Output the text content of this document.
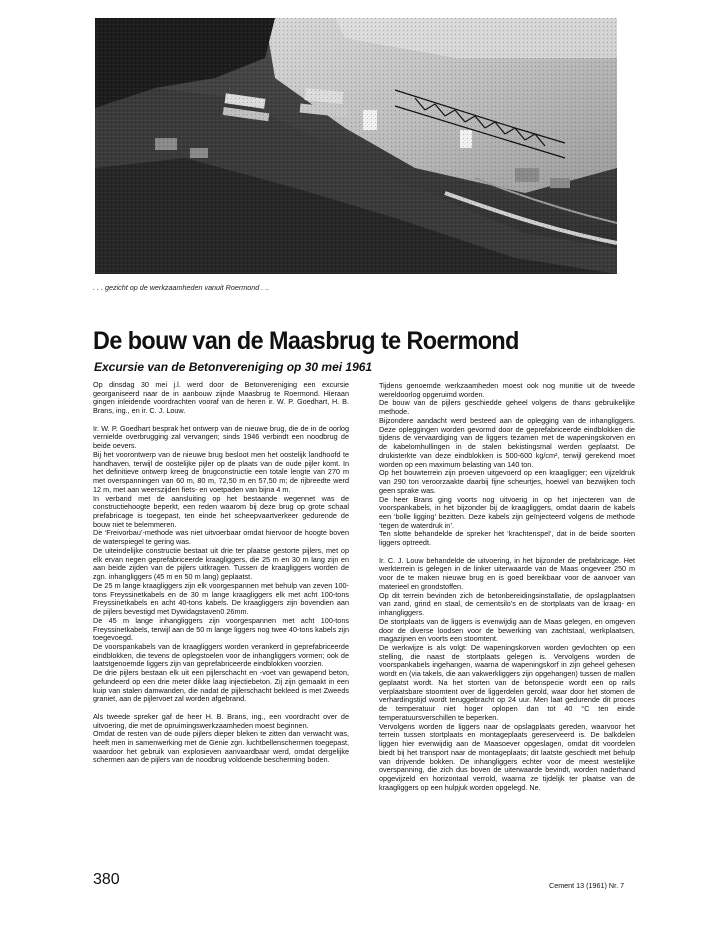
. . . gezicht op de werkzaamheden vanuit Roermond . ..
De bouw van de Maasbrug te Roermond
Excursie van de Betonvereniging op 30 mei 1961

Op dinsdag 30 mei j.l. werd door de Betonvereniging een excursie georganiseerd naar de in aanbouw zijnde Maasbrug te Roermond. Hieraan gingen inleidende voordrachten vooraf van de heren ir. W. P. Goedhart, H. B. Brans, ing., en ir. C. J. Louw.

Ir. W. P. Goedhart besprak het ontwerp van de nieuwe brug, die de in de oorlog vernielde overbrugging zal vervangen; sinds 1946 verbindt een noodbrug de beide oevers.

Bij het voorontwerp van de nieuwe brug besloot men het oostelijk landhoofd te handhaven, terwijl de oostelijke pijler op de plaats van de oude pijler komt. In het definitieve ontwerp kreeg de brugconstructie een totale lengte van 270 m met overspanningen van 60 m, 80 m, 72,50 m en 57,50 m; de rijbreedte werd 12 m, met aan weerszijden fiets- en voetpaden van bijna 4 m.

In verband met de aansluiting op het bestaande wegennet was de constructiehoogte beperkt, een reden waarom bij deze brug op grote schaal prefabricage is toegepast, ten einde het scheepvaartverkeer gedurende de bouw niet te belemmeren.

De ‘Freivorbau’-methode was niet uitvoerbaar omdat hiervoor de hoogte boven de waterspiegel te gering was.

De uiteindelijke constructie bestaat uit drie ter plaatse gestorte pijlers, met op elk ervan negen geprefabriceerde kraagliggers, die 25 m en 30 m lang zijn en aan beide zijden van de pijlers uitkragen. Tussen de kraagliggers worden de zgn. inhangliggers (45 m en 50 m lang) geplaatst.

De 25 m lange kraagliggers zijn elk voorgespannen met behulp van zeven 100-tons Freyssinetkabels en de 30 m lange kraagliggers elk met acht 100-tons Freyssinetkabels en acht 40-tons kabels. De kraagliggers zijn bovendien aan de pijlers bevestigd met Dywidagstaven0 26mm.

De 45 m lange inhangliggers zijn voorgespannen met acht 100-tons Freyssinetkabels, terwijl aan de 50 m lange liggers nog twee 40-tons kabels zijn toegevoegd.

De voorspankabels van de kraagliggers worden verankerd in geprefabriceerde eindblokken, die tevens de oplegstoelen voor de inhangliggers vormen; ook de laatstgenoemde liggers zijn van geprefabriceerde eindblokken voorzien.

De drie pijlers bestaan elk uit een pijlerschacht en -voet van gewapend beton, gefundeerd op een drie meter dikke laag injectiebeton. Zij zijn gemaakt in een kuip van stalen damwanden, die nadat de pijlerschacht bekleed is met Zweeds graniet, aan de pijlervoet zal worden afgebrand.

Als tweede spreker gaf de heer H. B. Brans, ing., een voordracht over de uitvoering, die met de opruimingswerkzaamheden moest beginnen.

Omdat de resten van de oude pijlers dieper bleken te zitten dan verwacht was, heeft men in samenwerking met de Genie zgn. luchtbellenschermen toegepast, waardoor het gebruik van explosieven aanvaardbaar werd, omdat dergelijke schermen aan de pijlers van de noodbrug voldoende bescherming boden.

Tijdens genoemde werkzaamheden moest ook nog munitie uit de tweede wereldoorlog opgeruimd worden.

De bouw van de pijlers geschiedde geheel volgens de thans gebruikelijke methode.

Bijzondere aandacht werd besteed aan de oplegging van de inhangliggers. Deze opleggingen worden gevormd door de geprefabriceerde eindblokken die tijdens de vervaardiging van de liggers tezamen met de wapeningskorven en de kabelomhullingen in de stalen bekistingsmal werden geplaatst. De drukisterkte van deze eindblokken is 500-600 kg/cm², terwijl gerekend moet worden op een maximum belasting van 140 ton.

Op het bouwterrein zijn proeven uitgevoerd op een kraagligger; een vijzeldruk van 290 ton veroorzaakte daarbij fijne scheurtjes, hoewel van bezwijken toch geen sprake was.

De heer Brans ging voorts nog uitvoerig in op het injecteren van de voorspankabels, in het bijzonder bij de kraagliggers, omdat daarin de kabels een ‘bolle ligging’ bezitten. Deze kabels zijn geïnjecteerd volgens de methode ‘tegen de waterdruk in’.

Ten slotte behandelde de spreker het ‘krachtenspel’, dat in de beide soorten liggers optreedt.

Ir. C. J. Louw behandelde de uitvoering, in het bijzonder de prefabricage. Het werkterrein is gelegen in de linker uiterwaarde van de Maas ongeveer 250 m voor de te maken nieuwe brug en is goed bereikbaar voor de aanvoer van materieel en grondstoffen.

Op dit terrein bevinden zich de betonbereidingsinstallatie, de opslagplaatsen van zand, grind en staal, de cementsilo's en de stortplaats van de kraag- en inhangliggers.

De stortplaats van de liggers is evenwijdig aan de Maas gelegen, en omgeven door de diverse loodsen voor de bewerking van zachtstaal, werkplaatsen, magazijnen en voorts een stoomtent.

De werkwijze is als volgt: De wapeningskorven worden gevlochten op een stelling, die naast de stortplaats gelegen is. Vervolgens worden de voorspankabels ingehangen, waarna de wapeningskorf in zijn geheel gehesen wordt en (via takels, die aan vakwerkliggers zijn opgehangen) tussen de mallen geplaatst wordt. Na het storten van de betonspecie wordt een op rails verplaatsbare stoomtent over de liggerdelen gerold, waar door het stomen de verhardingstijd wordt teruggebracht op 24 uur. Men laat gedurende dit proces de temperatuur niet hoger oplopen dan tot 40 °C ten einde temperatuursverschillen te beperken.

Vervolgens worden de liggers naar de opslagplaats gereden, waarvoor het terrein tussen stortplaats en montageplaats gereserveerd is. De balkdelen liggen hier evenwijdig aan de Maasoever opgeslagen, omdat dit voordelen biedt bij het transport naar de montageplaats; dit laatste geschiedt met behulp van drijvende bokken. De inhangliggers echter voor de meest westelijke overspanning, die zich dus boven de uiterwaarde bevindt, worden naderhand opgevijzeld en horizontaal verrold, waarna ze tijdelijk ter plaatse van de kraagliggers op een hulpjuk worden opgelegd. Ne.

380	Cement 13 (1961) Nr. 7
